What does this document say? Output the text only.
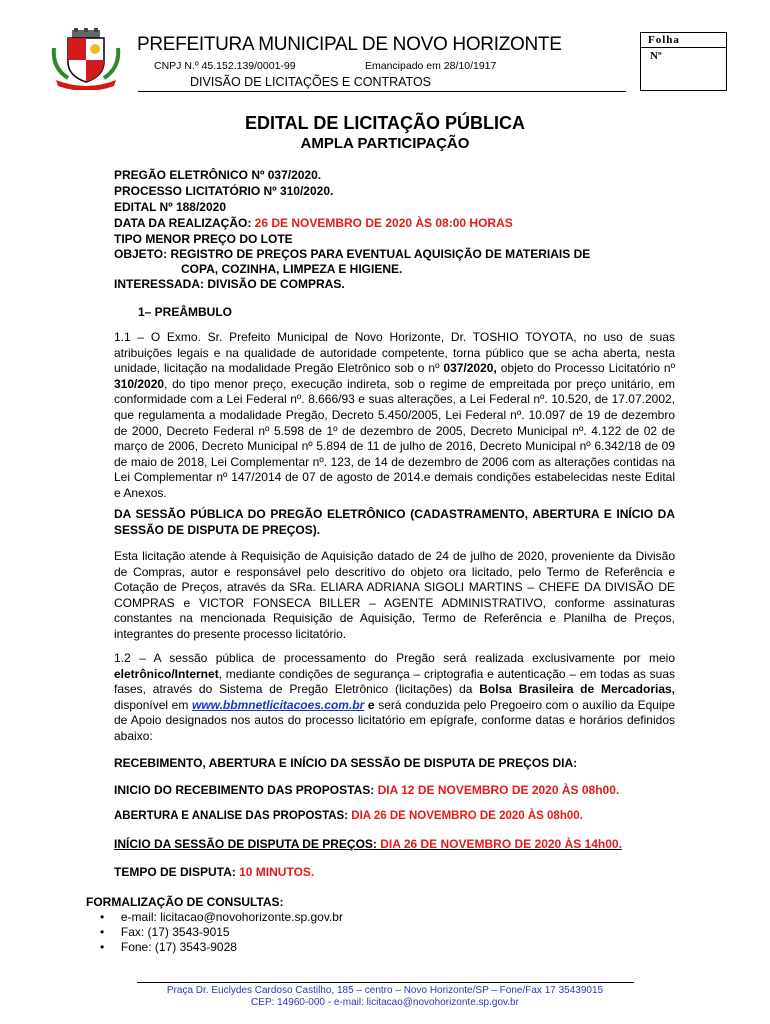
PREFEITURA MUNICIPAL DE NOVO HORIZONTE
CNPJ N.º 45.152.139/0001-99	Emancipado em 28/10/1917
DIVISÃO DE LICITAÇÕES E CONTRATOS
Folha
Nº
EDITAL DE LICITAÇÃO PÚBLICA
AMPLA PARTICIPAÇÃO
PREGÃO ELETRÔNICO Nº 037/2020.
PROCESSO LICITATÓRIO Nº 310/2020.
EDITAL Nº 188/2020
DATA DA REALIZAÇÃO: 26 DE NOVEMBRO DE 2020 ÀS 08:00 HORAS
TIPO MENOR PREÇO DO LOTE
OBJETO: REGISTRO DE PREÇOS PARA EVENTUAL AQUISIÇÃO DE MATERIAIS DE
COPA, COZINHA, LIMPEZA E HIGIENE.
INTERESSADA: DIVISÃO DE COMPRAS.
1– PREÂMBULO
1.1 – O Exmo. Sr. Prefeito Municipal de Novo Horizonte, Dr. TOSHIO TOYOTA, no uso de suas atribuições legais e na qualidade de autoridade competente, torna público que se acha aberta, nesta unidade, licitação na modalidade Pregão Eletrônico sob o nº 037/2020, objeto do Processo Licitatório nº 310/2020, do tipo menor preço, execução indireta, sob o regime de empreitada por preço unitário, em conformidade com a Lei Federal nº. 8.666/93 e suas alterações, a Lei Federal nº. 10.520, de 17.07.2002, que regulamenta a modalidade Pregão, Decreto 5.450/2005, Lei Federal nº. 10.097 de 19 de dezembro de 2000, Decreto Federal nº 5.598 de 1º de dezembro de 2005, Decreto Municipal nº. 4.122 de 02 de março de 2006, Decreto Municipal nº 5.894 de 11 de julho de 2016, Decreto Municipal nº 6.342/18 de 09 de maio de 2018, Lei Complementar nº. 123, de 14 de dezembro de 2006 com as alterações contidas na Lei Complementar nº 147/2014 de 07 de agosto de 2014.e demais condições estabelecidas neste Edital e Anexos.
DA SESSÃO PÚBLICA DO PREGÃO ELETRÔNICO (CADASTRAMENTO, ABERTURA E INÍCIO DA SESSÃO DE DISPUTA DE PREÇOS).
Esta licitação atende à Requisição de Aquisição datado de 24 de julho de 2020, proveniente da Divisão de Compras, autor e responsável pelo descritivo do objeto ora licitado, pelo Termo de Referência e Cotação de Preços, através da SRa. ELIARA ADRIANA SIGOLI MARTINS – CHEFE DA DIVISÃO DE COMPRAS e VICTOR FONSECA BILLER – AGENTE ADMINISTRATIVO, conforme assinaturas constantes na mencionada Requisição de Aquisição, Termo de Referência e Planilha de Preços, integrantes do presente processo licitatório.
1.2 – A sessão pública de processamento do Pregão será realizada exclusivamente por meio eletrônico/Internet, mediante condições de segurança – criptografia e autenticação – em todas as suas fases, através do Sistema de Pregão Eletrônico (licitações) da Bolsa Brasileira de Mercadorias, disponível em www.bbmnetlicitacoes.com.br e será conduzida pelo Pregoeiro com o auxílio da Equipe de Apoio designados nos autos do processo licitatório em epígrafe, conforme datas e horários definidos abaixo:
RECEBIMENTO, ABERTURA E INÍCIO DA SESSÃO DE DISPUTA DE PREÇOS DIA:
INICIO DO RECEBIMENTO DAS PROPOSTAS: DIA 12 DE NOVEMBRO DE 2020 ÀS 08h00.
ABERTURA E ANALISE DAS PROPOSTAS: DIA 26 DE NOVEMBRO DE 2020 ÀS 08h00.
INÍCIO DA SESSÃO DE DISPUTA DE PREÇOS: DIA 26 DE NOVEMBRO DE 2020 ÀS 14h00.
TEMPO DE DISPUTA: 10 MINUTOS.
FORMALIZAÇÃO DE CONSULTAS:
•     e-mail: licitacao@novohorizonte.sp.gov.br
•     Fax: (17) 3543-9015
•     Fone: (17) 3543-9028
Praça Dr. Euclydes Cardoso Castilho, 185 – centro – Novo Horizonte/SP – Fone/Fax 17 35439015
CEP: 14960-000 - e-mail: licitacao@novohorizonte.sp.gov.br
